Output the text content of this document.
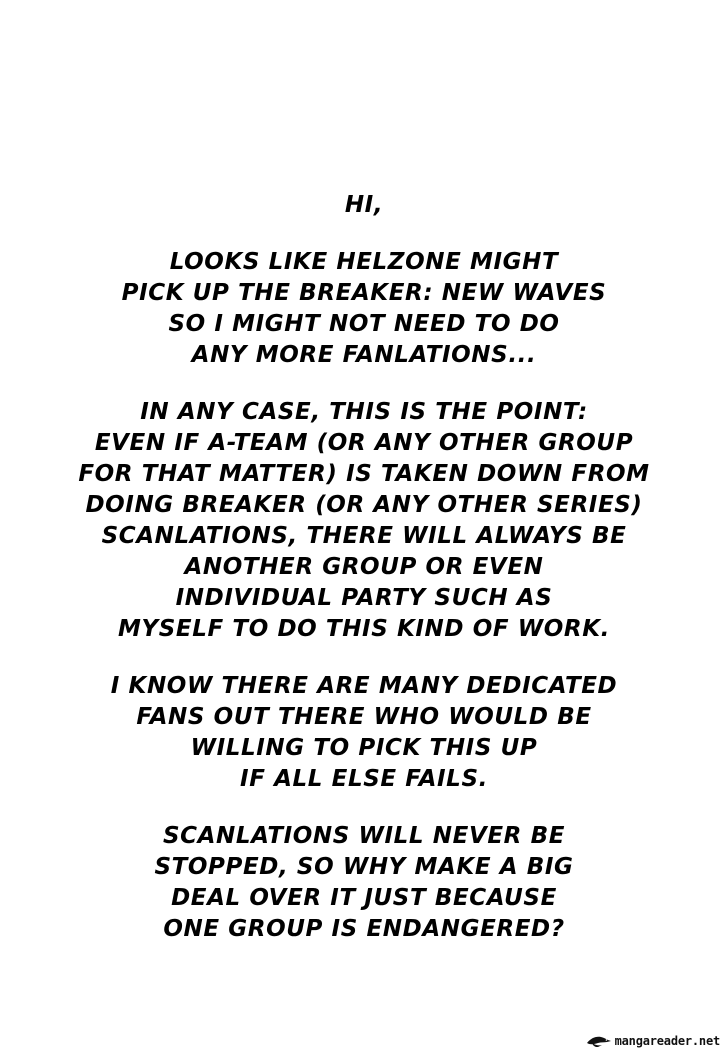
HI,

LOOKS LIKE HELZONE MIGHT
PICK UP THE BREAKER: NEW WAVES
SO I MIGHT NOT NEED TO DO
ANY MORE FANLATIONS...

IN ANY CASE, THIS IS THE POINT:
EVEN IF A-TEAM (OR ANY OTHER GROUP
FOR THAT MATTER) IS TAKEN DOWN FROM
DOING BREAKER (OR ANY OTHER SERIES)
SCANLATIONS, THERE WILL ALWAYS BE
ANOTHER GROUP OR EVEN
INDIVIDUAL PARTY SUCH AS
MYSELF TO DO THIS KIND OF WORK.

I KNOW THERE ARE MANY DEDICATED
FANS OUT THERE WHO WOULD BE
WILLING TO PICK THIS UP
IF ALL ELSE FAILS.

SCANLATIONS WILL NEVER BE
STOPPED, SO WHY MAKE A BIG
DEAL OVER IT JUST BECAUSE
ONE GROUP IS ENDANGERED?

mangareader.net
